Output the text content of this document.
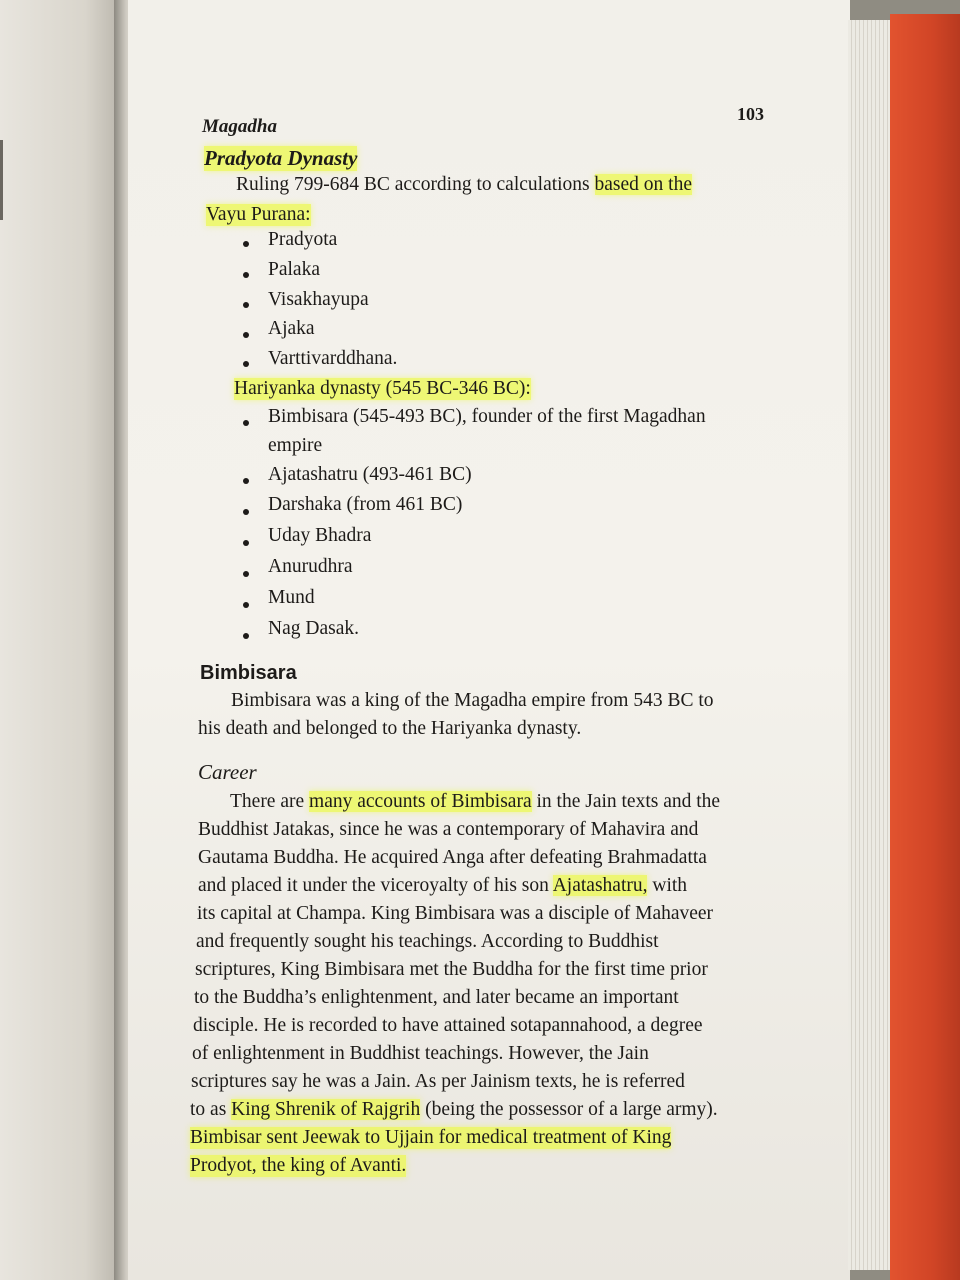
Magadha
103
Pradyota Dynasty
Ruling 799-684 BC according to calculations based on the
Vayu Purana:
Pradyota
Palaka
Visakhayupa
Ajaka
Varttivarddhana.
Hariyanka dynasty (545 BC-346 BC):
Bimbisara (545-493 BC), founder of the first Magadhan
empire
Ajatashatru (493-461 BC)
Darshaka (from 461 BC)
Uday Bhadra
Anurudhra
Mund
Nag Dasak.
Bimbisara
Bimbisara was a king of the Magadha empire from 543 BC to
his death and belonged to the Hariyanka dynasty.
Career
There are many accounts of Bimbisara in the Jain texts and the
Buddhist Jatakas, since he was a contemporary of Mahavira and
Gautama Buddha. He acquired Anga after defeating Brahmadatta
and placed it under the viceroyalty of his son Ajatashatru, with
its capital at Champa. King Bimbisara was a disciple of Mahaveer
and frequently sought his teachings. According to Buddhist
scriptures, King Bimbisara met the Buddha for the first time prior
to the Buddha’s enlightenment, and later became an important
disciple. He is recorded to have attained sotapannahood, a degree
of enlightenment in Buddhist teachings. However, the Jain
scriptures say he was a Jain. As per Jainism texts, he is referred
to as King Shrenik of Rajgrih (being the possessor of a large army).
Bimbisar sent Jeewak to Ujjain for medical treatment of King
Prodyot, the king of Avanti.
